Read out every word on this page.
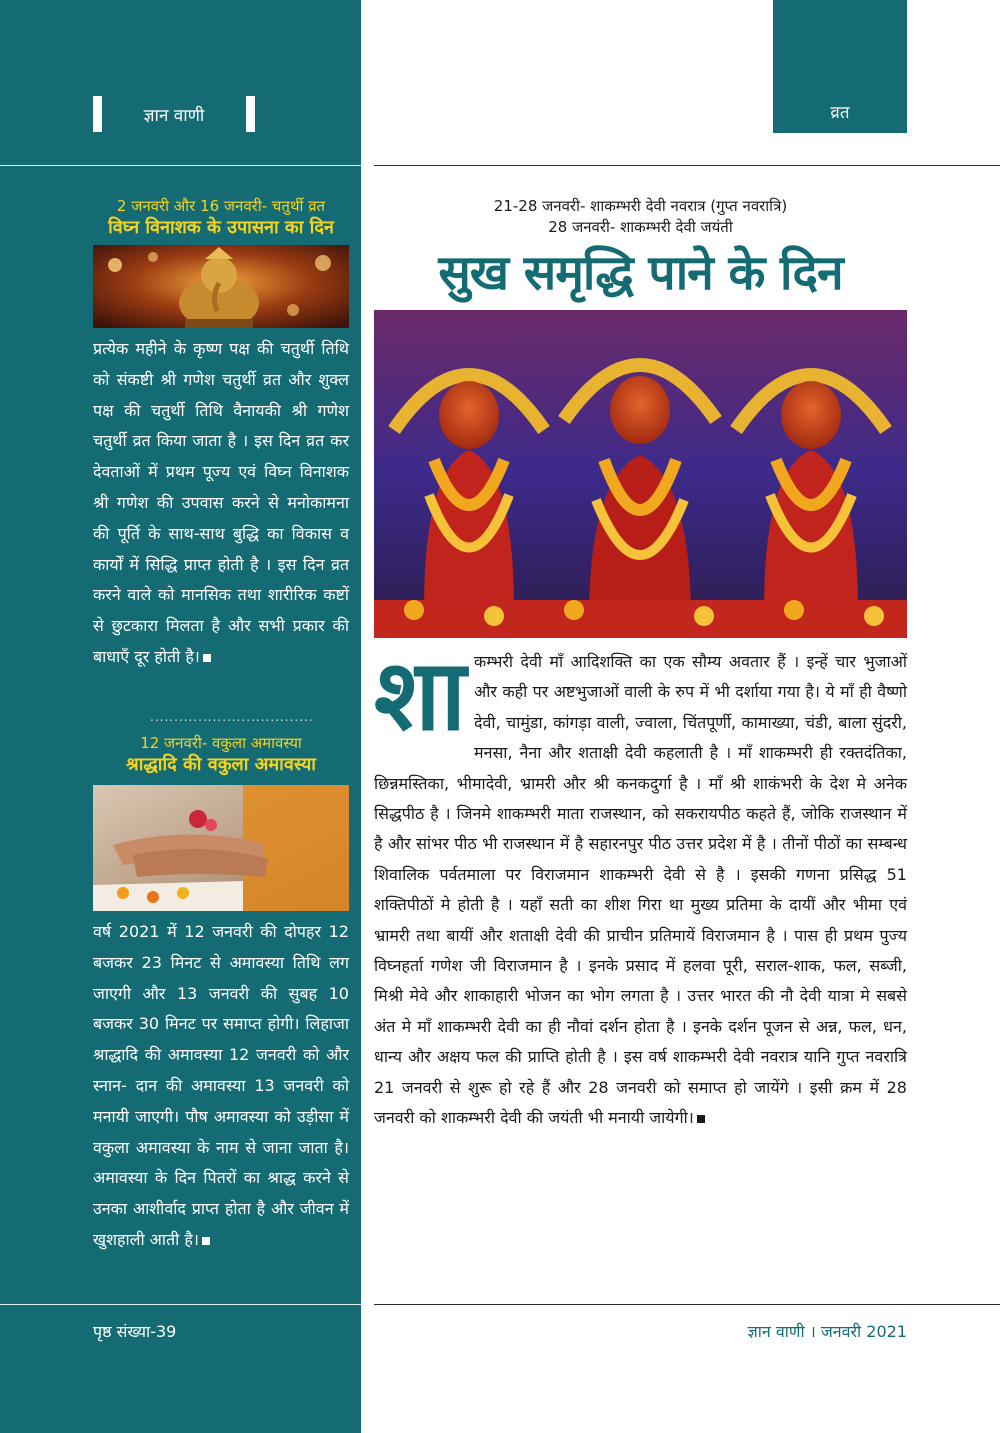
ज्ञान वाणी	व्रत
2 जनवरी और 16 जनवरी- चतुर्थी व्रत
विघ्न विनाशक के उपासना का दिन
प्रत्येक महीने के कृष्ण पक्ष की चतुर्थी तिथि को संकष्टी श्री गणेश चतुर्थी व्रत और शुक्ल पक्ष की चतुर्थी तिथि वैनायकी श्री गणेश चतुर्थी व्रत किया जाता है । इस दिन व्रत कर देवताओं में प्रथम पूज्य एवं विघ्न विनाशक श्री गणेश की उपवास करने से मनोकामना की पूर्ति के साथ-साथ बुद्धि का विकास व कार्यों में सिद्धि प्राप्त होती है । इस दिन व्रत करने वाले को मानसिक तथा शारीरिक कष्टों से छुटकारा मिलता है और सभी प्रकार की बाधाएँ दूर होती है।
..................................
12 जनवरी- वकुला अमावस्या
श्राद्धादि की वकुला अमावस्या
वर्ष 2021 में 12 जनवरी की दोपहर 12 बजकर 23 मिनट से अमावस्या तिथि लग जाएगी और 13 जनवरी की सुबह 10 बजकर 30 मिनट पर समाप्त होगी। लिहाजा श्राद्धादि की अमावस्या 12 जनवरी को और स्नान- दान की अमावस्या 13 जनवरी को मनायी जाएगी। पौष अमावस्या को उड़ीसा में वकुला अमावस्या के नाम से जाना जाता है। अमावस्या के दिन पितरों का श्राद्ध करने से उनका आशीर्वाद प्राप्त होता है और जीवन में खुशहाली आती है।
21-28 जनवरी- शाकम्भरी देवी नवरात्र (गुप्त नवरात्रि)
28 जनवरी- शाकम्भरी देवी जयंती
सुख समृद्धि पाने के दिन
शाकम्भरी देवी माँ आदिशक्ति का एक सौम्य अवतार हैं । इन्हें चार भुजाओं और कही पर अष्टभुजाओं वाली के रुप में भी दर्शाया गया है। ये माँ ही वैष्णो देवी, चामुंडा, कांगड़ा वाली, ज्वाला, चिंतपूर्णी, कामाख्या, चंडी, बाला सुंदरी, मनसा, नैना और शताक्षी देवी कहलाती है । माँ शाकम्भरी ही रक्तदंतिका, छिन्नमस्तिका, भीमादेवी, भ्रामरी और श्री कनकदुर्गा है । माँ श्री शाकंभरी के देश मे अनेक सिद्धपीठ है । जिनमे शाकम्भरी माता राजस्थान, को सकरायपीठ कहते हैं, जोकि राजस्थान में है और सांभर पीठ भी राजस्थान में है सहारनपुर पीठ उत्तर प्रदेश में है । तीनों पीठों का सम्बन्ध शिवालिक पर्वतमाला पर विराजमान शाकम्भरी देवी से है । इसकी गणना प्रसिद्ध 51 शक्तिपीठों मे होती है । यहाँ सती का शीश गिरा था मुख्य प्रतिमा के दायीं और भीमा एवं भ्रामरी तथा बायीं और शताक्षी देवी की प्राचीन प्रतिमायें विराजमान है । पास ही प्रथम पुज्य विघ्नहर्ता गणेश जी विराजमान है । इनके प्रसाद में हलवा पूरी, सराल-शाक, फल, सब्जी, मिश्री मेवे और शाकाहारी भोजन का भोग लगता है । उत्तर भारत की नौ देवी यात्रा मे सबसे अंत मे माँ शाकम्भरी देवी का ही नौवां दर्शन होता है । इनके दर्शन पूजन से अन्न, फल, धन, धान्य और अक्षय फल की प्राप्ति होती है । इस वर्ष शाकम्भरी देवी नवरात्र यानि गुप्त नवरात्रि 21 जनवरी से शुरू हो रहे हैं और 28 जनवरी को समाप्त हो जायेंगे । इसी क्रम में 28 जनवरी को शाकम्भरी देवी की जयंती भी मनायी जायेगी।
पृष्ठ संख्या-39	ज्ञान वाणी । जनवरी 2021
